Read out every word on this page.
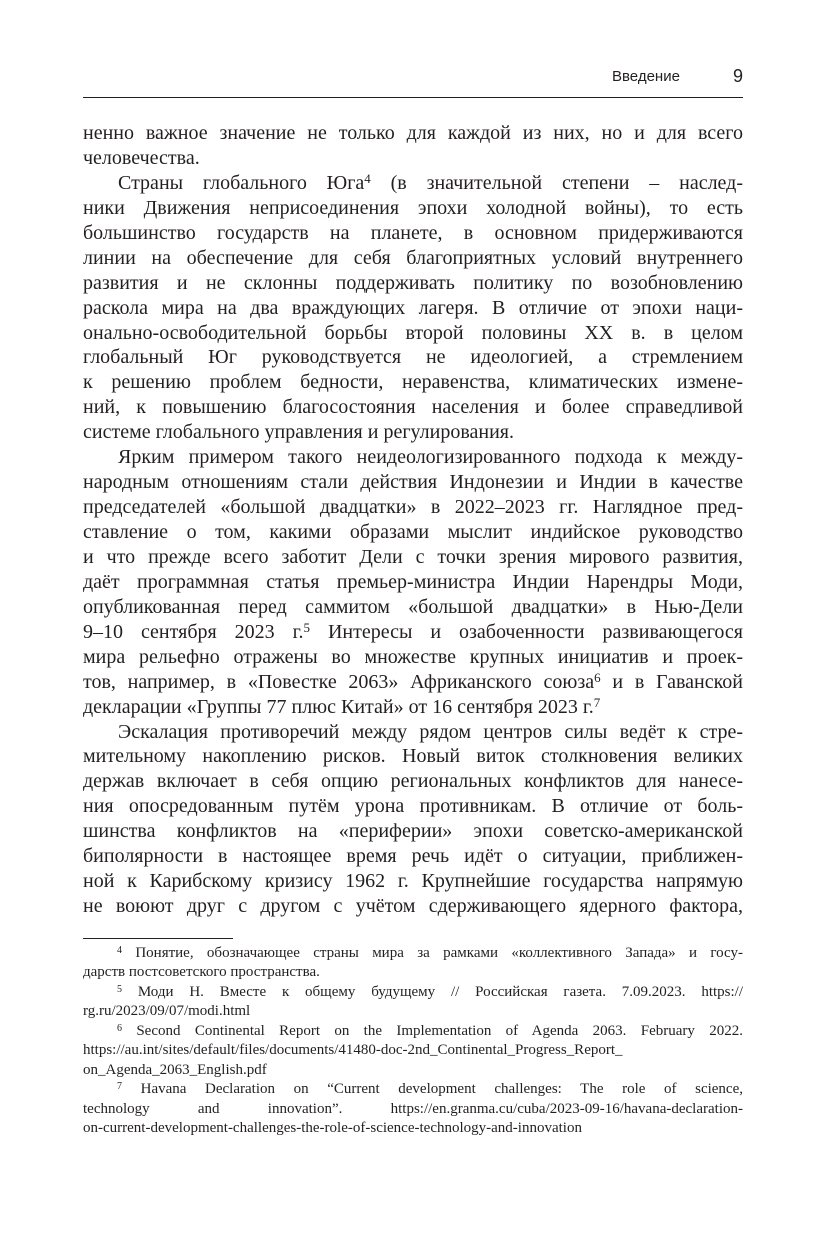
Введение	9
ненно важное значение не только для каждой из них, но и для всего
человечества.
Страны глобального Юга$^4$ (в значительной степени – наслед-
ники Движения неприсоединения эпохи холодной войны), то есть
большинство государств на планете, в основном придерживаются
линии на обеспечение для себя благоприятных условий внутреннего
развития и не склонны поддерживать политику по возобновлению
раскола мира на два враждующих лагеря. В отличие от эпохи наци-
онально-освободительной борьбы второй половины XX в. в целом
глобальный Юг руководствуется не идеологией, а стремлением
к решению проблем бедности, неравенства, климатических измене-
ний, к повышению благосостояния населения и более справедливой
системе глобального управления и регулирования.
Ярким примером такого неидеологизированного подхода к между-
народным отношениям стали действия Индонезии и Индии в качестве
председателей «большой двадцатки» в 2022–2023 гг. Наглядное пред-
ставление о том, какими образами мыслит индийское руководство
и что прежде всего заботит Дели с точки зрения мирового развития,
даёт программная статья премьер-министра Индии Нарендры Моди,
опубликованная перед саммитом «большой двадцатки» в Нью-Дели
9–10 сентября 2023 г.$^5$ Интересы и озабоченности развивающегося
мира рельефно отражены во множестве крупных инициатив и проек-
тов, например, в «Повестке 2063» Африканского союза$^6$ и в Гаванской
декларации «Группы 77 плюс Китай» от 16 сентября 2023 г.$^7$
Эскалация противоречий между рядом центров силы ведёт к стре-
мительному накоплению рисков. Новый виток столкновения великих
держав включает в себя опцию региональных конфликтов для нанесе-
ния опосредованным путём урона противникам. В отличие от боль-
шинства конфликтов на «периферии» эпохи советско-американской
биполярности в настоящее время речь идёт о ситуации, приближен-
ной к Карибскому кризису 1962 г. Крупнейшие государства напрямую
не воюют друг с другом с учётом сдерживающего ядерного фактора,
$^4$ Понятие, обозначающее страны мира за рамками «коллективного Запада» и госу-
дарств постсоветского пространства.
$^5$ Моди Н. Вместе к общему будущему // Российская газета. 7.09.2023. https://
rg.ru/2023/09/07/modi.html
$^6$ Second Continental Report on the Implementation of Agenda 2063. February 2022.
https://au.int/sites/default/files/documents/41480-doc-2nd_Continental_Progress_Report_
on_Agenda_2063_English.pdf
$^7$ Havana Declaration on “Current development challenges: The role of science,
technology and innovation”. https://en.granma.cu/cuba/2023-09-16/havana-declaration-
on-current-development-challenges-the-role-of-science-technology-and-innovation
